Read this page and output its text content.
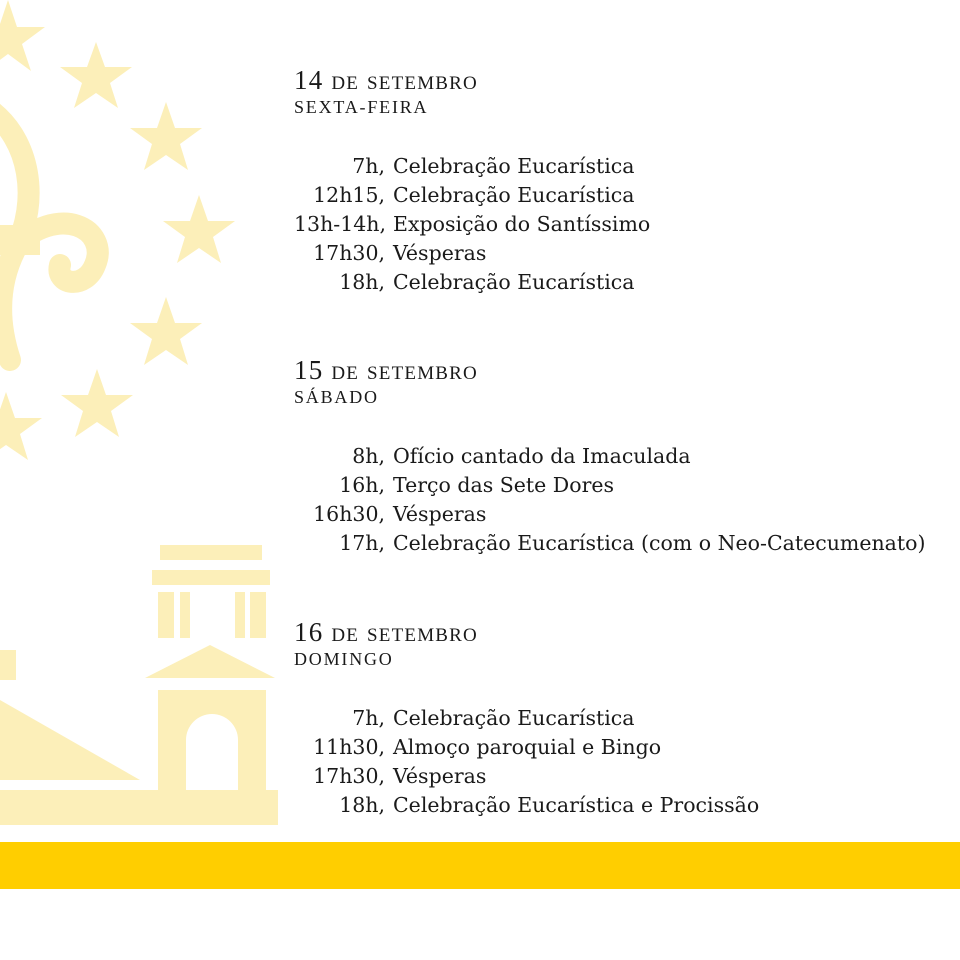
14 de setembro
SEXTA-FEIRA
7h, Celebração Eucarística
12h15, Celebração Eucarística
13h-14h, Exposição do Santíssimo
17h30, Vésperas
18h, Celebração Eucarística
15 de setembro
SÁBADO
8h, Ofício cantado da Imaculada
16h, Terço das Sete Dores
16h30, Vésperas
17h, Celebração Eucarística (com o Neo-Catecumenato)
16 de setembro
DOMINGO
7h, Celebração Eucarística
11h30, Almoço paroquial e Bingo
17h30, Vésperas
18h, Celebração Eucarística e Procissão
